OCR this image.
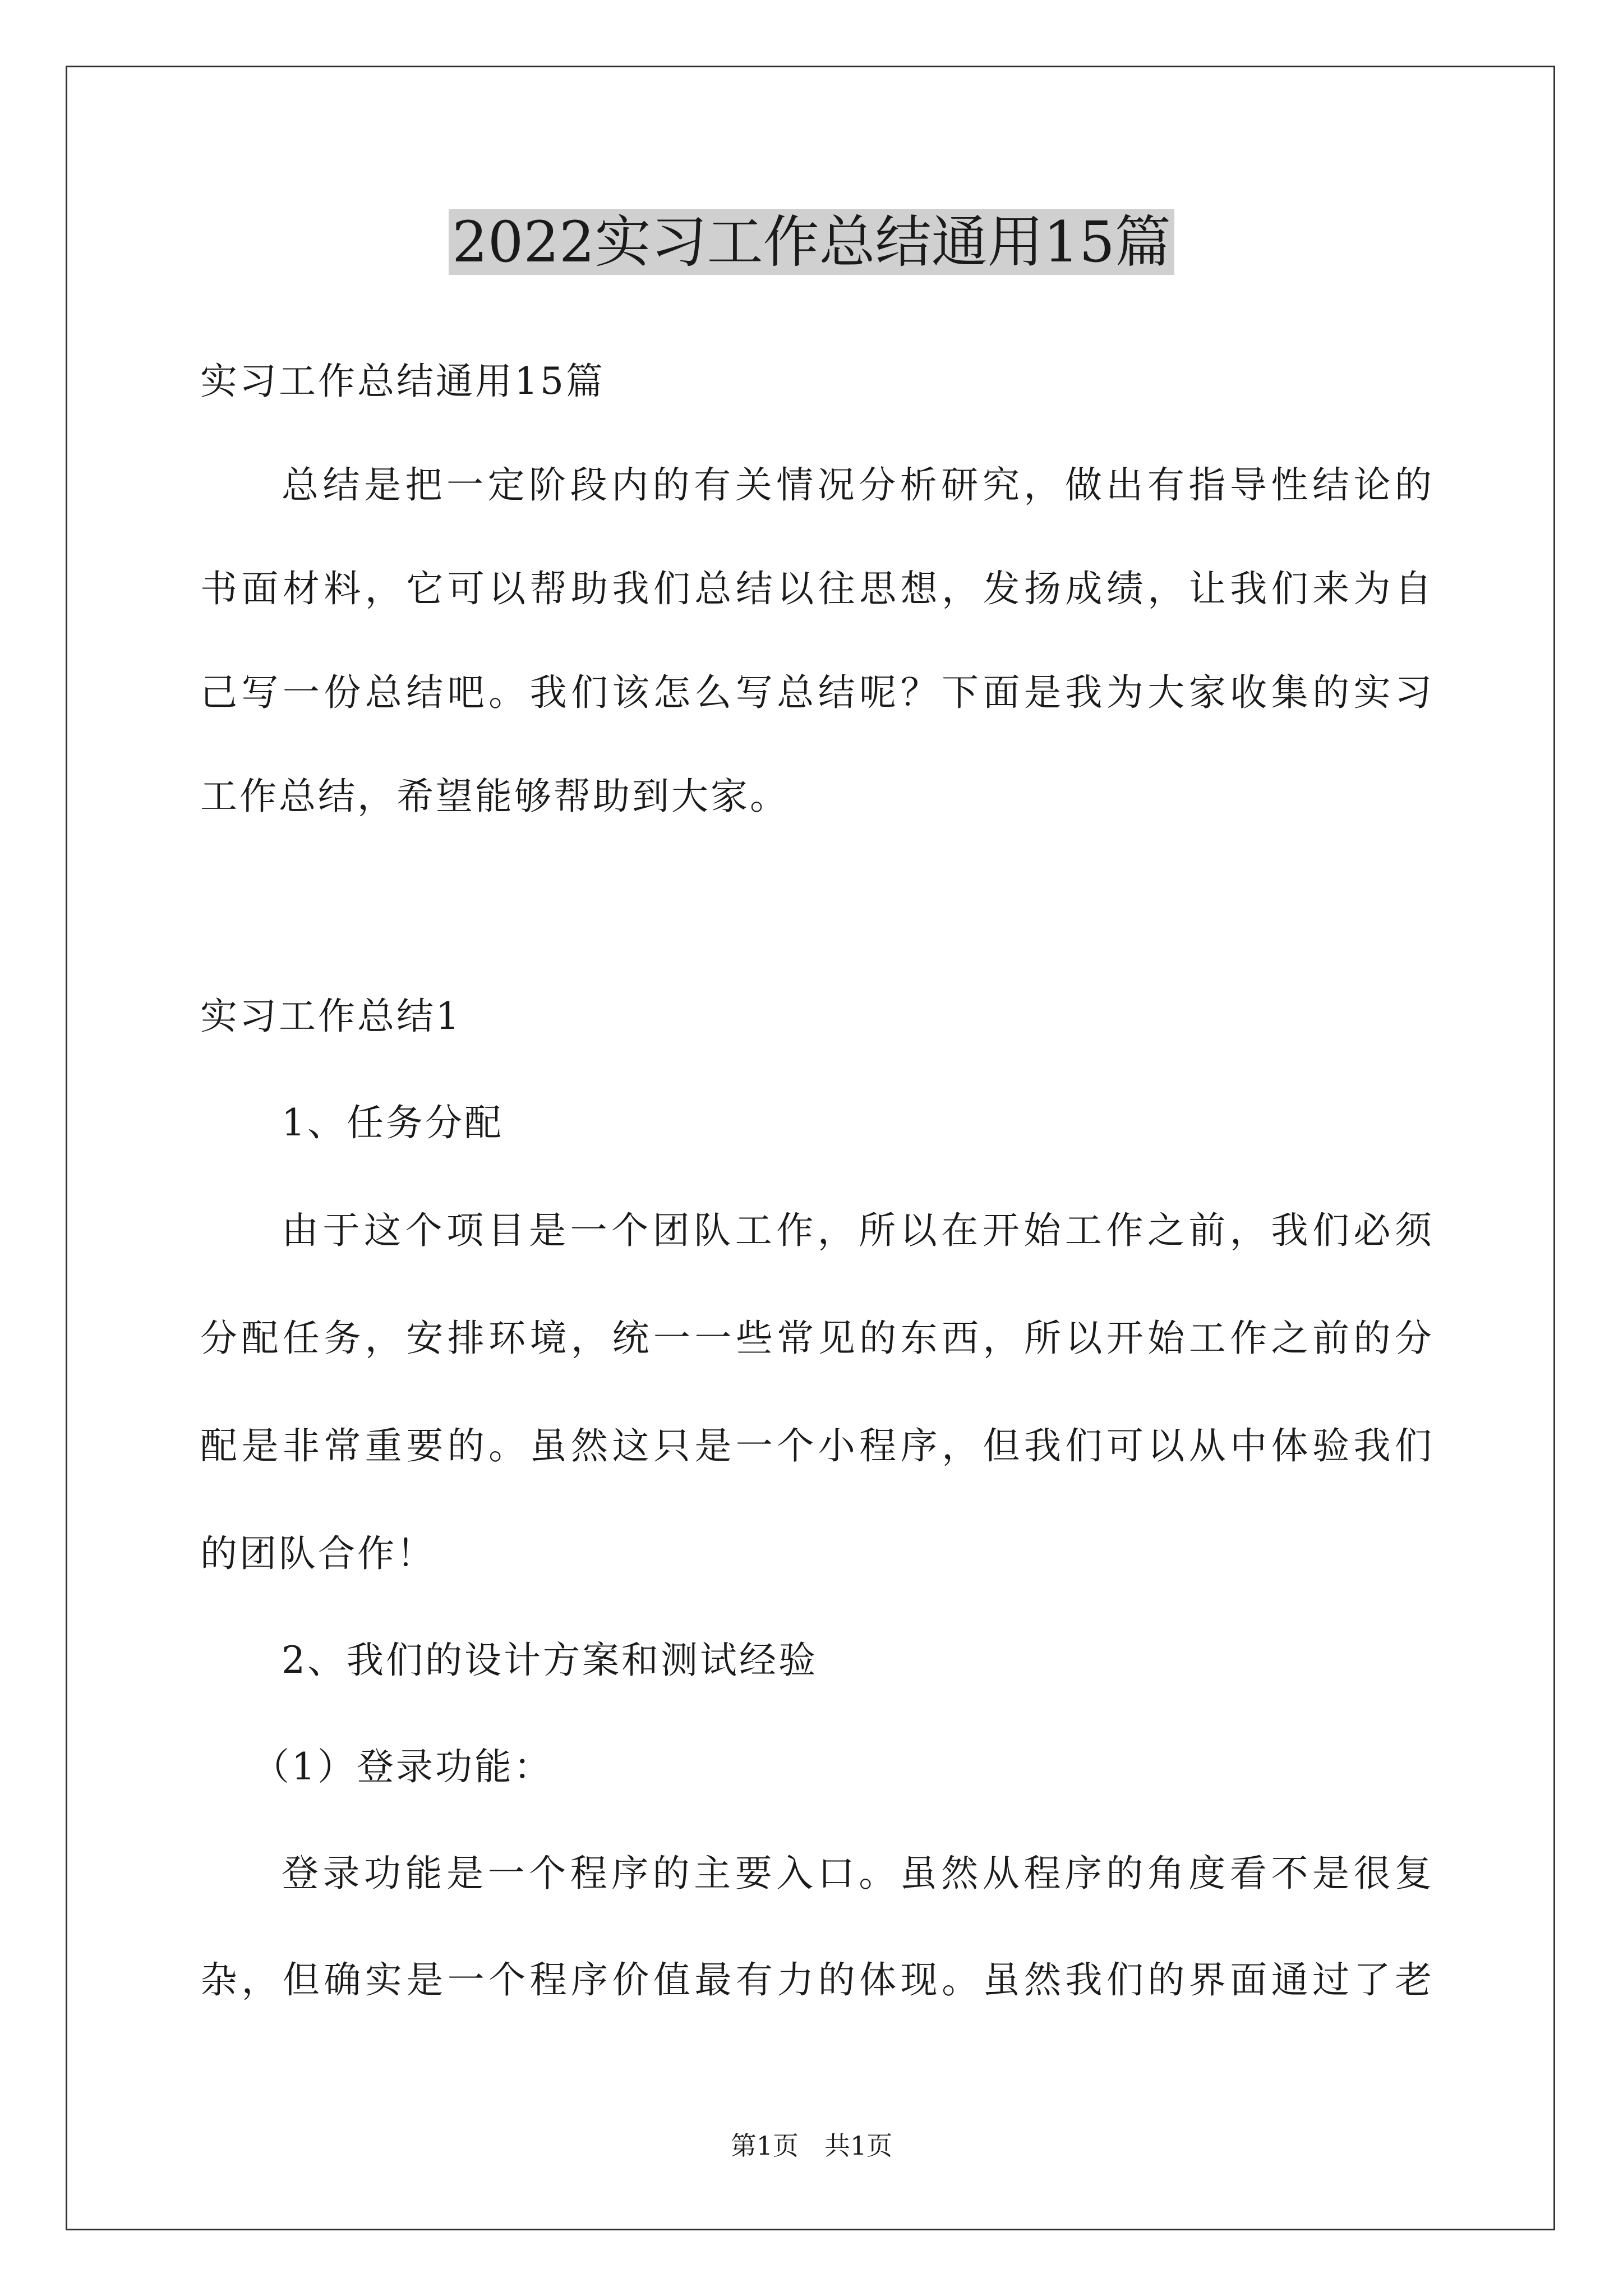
2022实习工作总结通用15篇
实习工作总结通用15篇
总结是把一定阶段内的有关情况分析研究，做出有指导性结论的
书面材料，它可以帮助我们总结以往思想，发扬成绩，让我们来为自
己写一份总结吧。我们该怎么写总结呢？下面是我为大家收集的实习
工作总结，希望能够帮助到大家。
实习工作总结1
1、任务分配
由于这个项目是一个团队工作，所以在开始工作之前，我们必须
分配任务，安排环境，统一一些常见的东西，所以开始工作之前的分
配是非常重要的。虽然这只是一个小程序，但我们可以从中体验我们
的团队合作！
2、我们的设计方案和测试经验
（1）登录功能：
登录功能是一个程序的主要入口。虽然从程序的角度看不是很复
杂，但确实是一个程序价值最有力的体现。虽然我们的界面通过了老
第1页　共1页
